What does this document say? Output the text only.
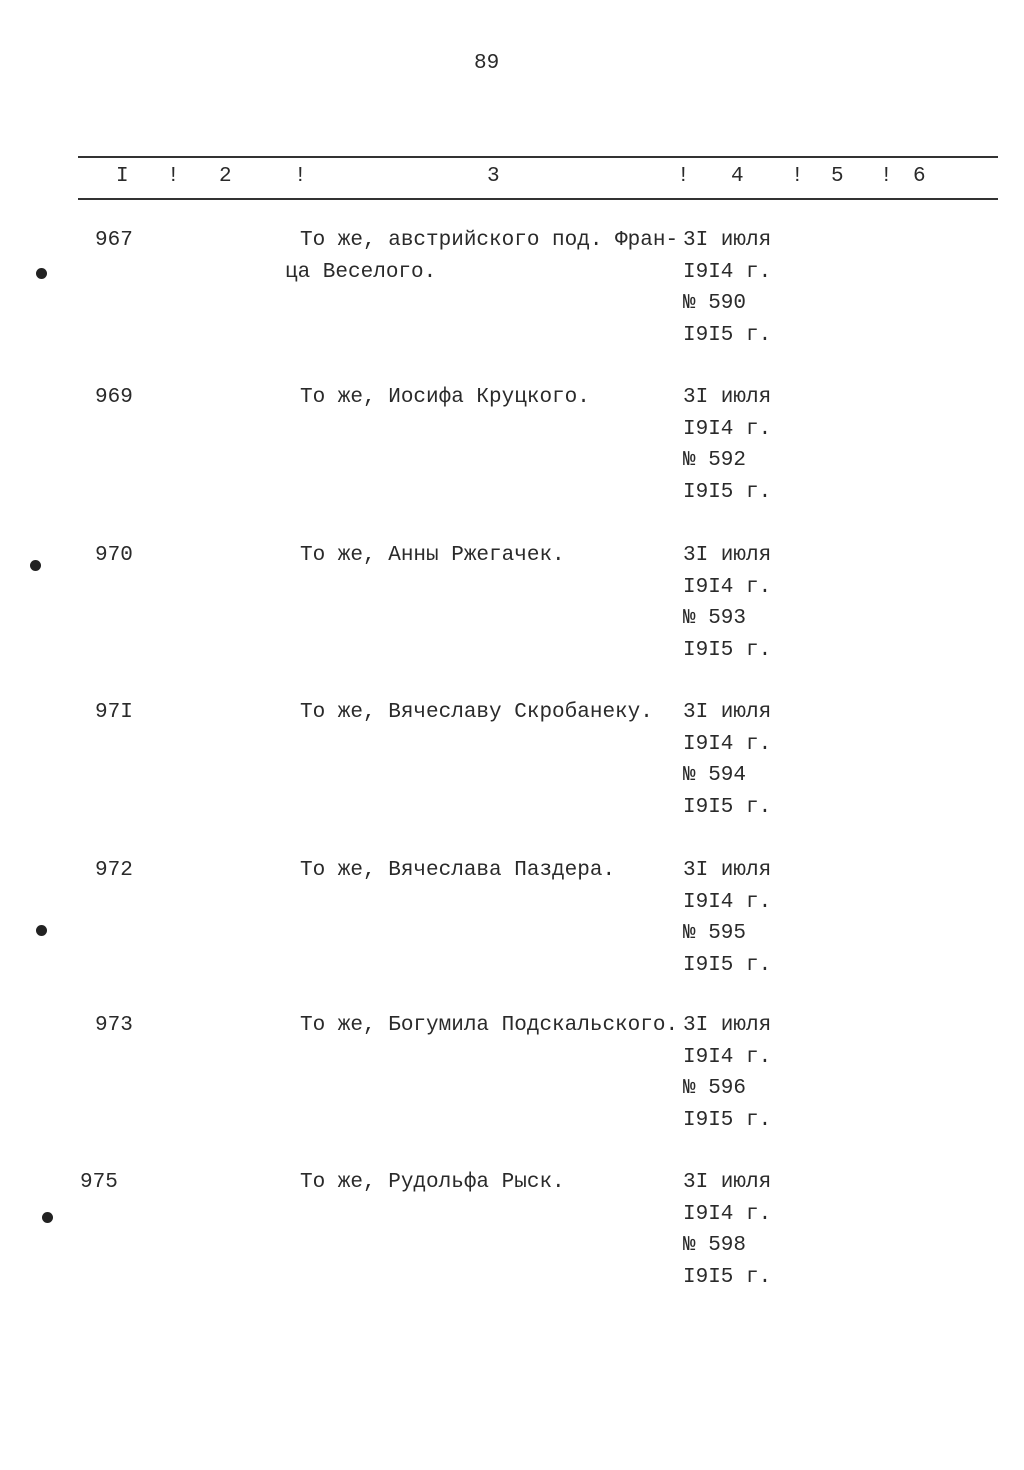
89
I ! 2	!	3	! 4 ! 5 ! 6
967	То же, австрийского под. Фран-
ца Веселого.
3I июля
I9I4 г.
№ 590
I9I5 г.
969	То же, Иосифа Круцкого.	3I июля
I9I4 г.
№ 592
I9I5 г.
970	То же, Анны Ржегачек.	3I июля
I9I4 г.
№ 593
I9I5 г.
97I	То же, Вячеславу Скробанеку. 3I июля
I9I4 г.
№ 594
I9I5 г.
972	То же, Вячеслава Паздера.	3I июля
I9I4 г.
№ 595
I9I5 г.
973	То же, Богумила Подскальского. 3I июля
I9I4 г.
№ 596
I9I5 г.
975	То же, Рудольфа Рыск.	3I июля
I9I4 г.
№ 598
I9I5 г.
